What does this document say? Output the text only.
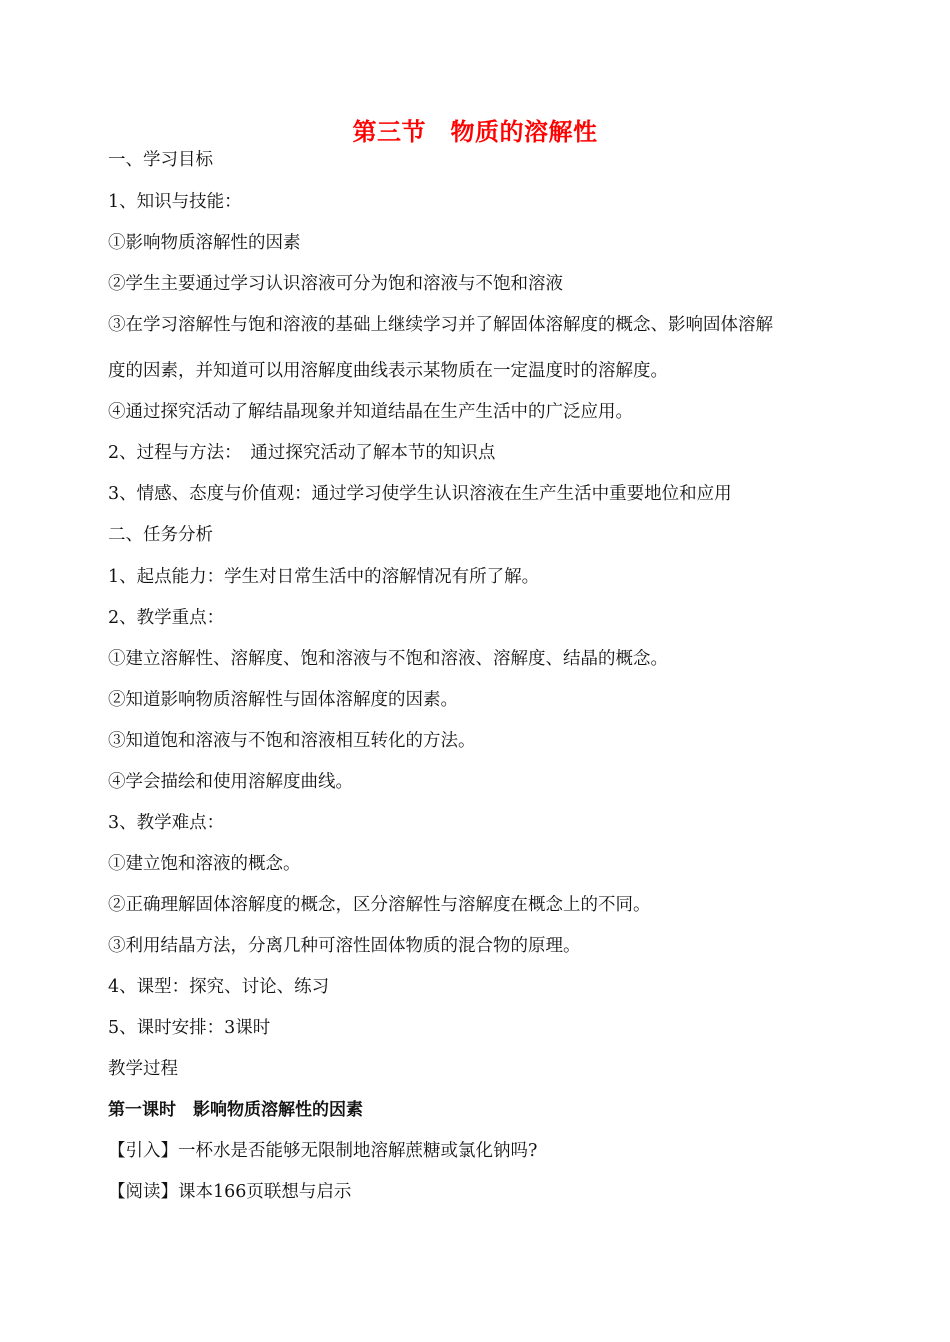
第三节　物质的溶解性
一、学习目标
1、知识与技能：
①影响物质溶解性的因素
②学生主要通过学习认识溶液可分为饱和溶液与不饱和溶液
③在学习溶解性与饱和溶液的基础上继续学习并了解固体溶解度的概念、影响固体溶解
度的因素，并知道可以用溶解度曲线表示某物质在一定温度时的溶解度。
④通过探究活动了解结晶现象并知道结晶在生产生活中的广泛应用。
2、过程与方法：　通过探究活动了解本节的知识点
3、情感、态度与价值观：通过学习使学生认识溶液在生产生活中重要地位和应用
二、任务分析
1、起点能力：学生对日常生活中的溶解情况有所了解。
2、教学重点：
①建立溶解性、溶解度、饱和溶液与不饱和溶液、溶解度、结晶的概念。
②知道影响物质溶解性与固体溶解度的因素。
③知道饱和溶液与不饱和溶液相互转化的方法。
④学会描绘和使用溶解度曲线。
3、教学难点：
①建立饱和溶液的概念。
②正确理解固体溶解度的概念，区分溶解性与溶解度在概念上的不同。
③利用结晶方法，分离几种可溶性固体物质的混合物的原理。
4、课型：探究、讨论、练习
5、课时安排：3课时
教学过程
第一课时　影响物质溶解性的因素
【引入】一杯水是否能够无限制地溶解蔗糖或氯化钠吗?
【阅读】课本166页联想与启示
